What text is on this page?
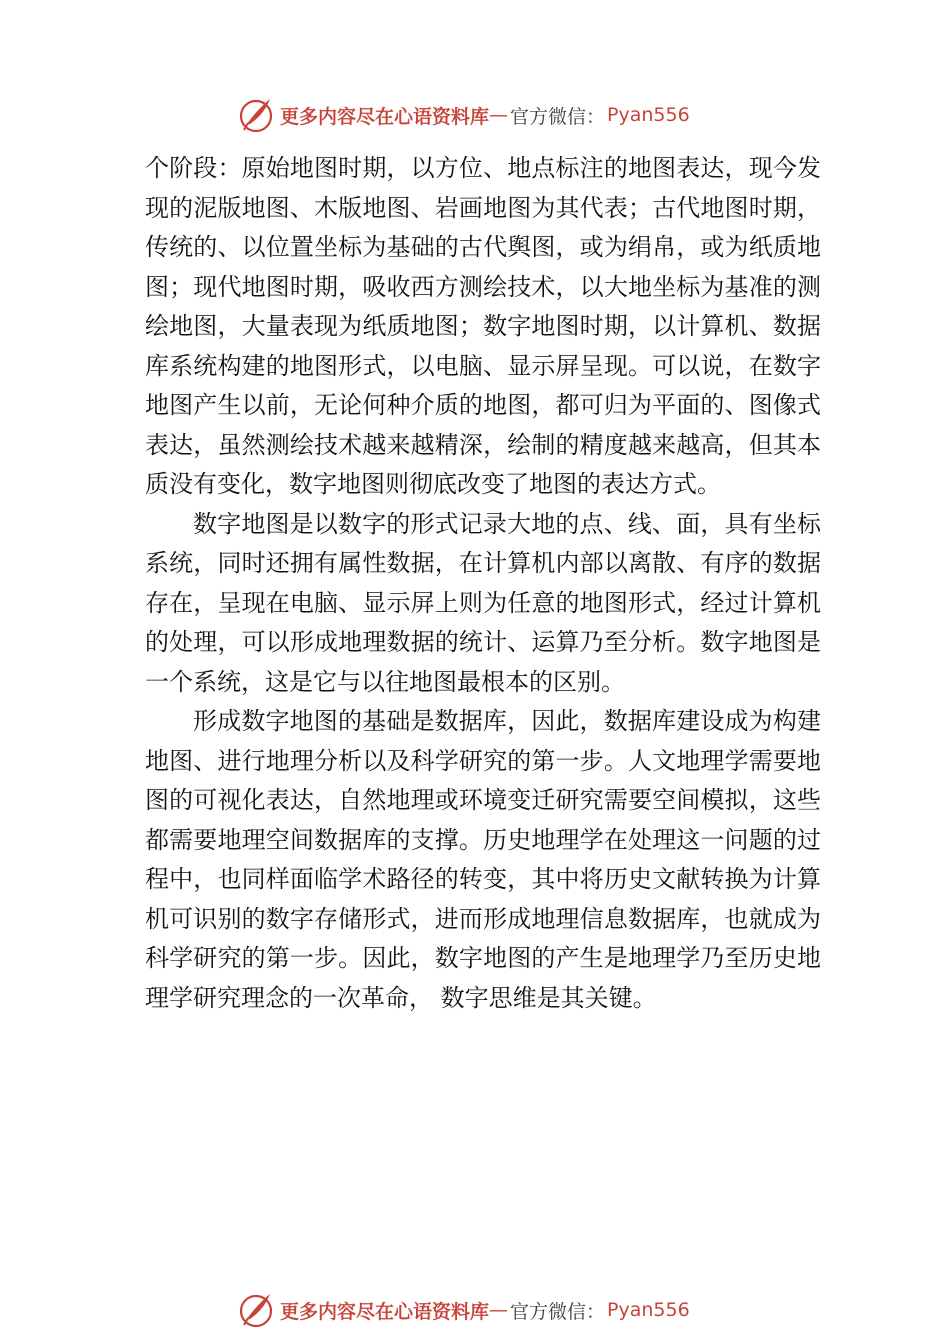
更多内容尽在心语资料库 — 官方微信： Pyan556

个阶段：原始地图时期，以方位、地点标注的地图表达，现今发现的泥版地图、木版地图、岩画地图为其代表；古代地图时期，传统的、以位置坐标为基础的古代舆图，或为绢帛，或为纸质地图；现代地图时期，吸收西方测绘技术，以大地坐标为基准的测绘地图，大量表现为纸质地图；数字地图时期，以计算机、数据库系统构建的地图形式，以电脑、显示屏呈现。可以说，在数字地图产生以前，无论何种介质的地图，都可归为平面的、图像式表达，虽然测绘技术越来越精深，绘制的精度越来越高，但其本质没有变化，数字地图则彻底改变了地图的表达方式。

数字地图是以数字的形式记录大地的点、线、面，具有坐标系统，同时还拥有属性数据，在计算机内部以离散、有序的数据存在，呈现在电脑、显示屏上则为任意的地图形式，经过计算机的处理，可以形成地理数据的统计、运算乃至分析。数字地图是一个系统，这是它与以往地图最根本的区别。

形成数字地图的基础是数据库，因此，数据库建设成为构建地图、进行地理分析以及科学研究的第一步。人文地理学需要地图的可视化表达，自然地理或环境变迁研究需要空间模拟，这些都需要地理空间数据库的支撑。历史地理学在处理这一问题的过程中，也同样面临学术路径的转变，其中将历史文献转换为计算机可识别的数字存储形式，进而形成地理信息数据库，也就成为科学研究的第一步。因此，数字地图的产生是地理学乃至历史地理学研究理念的一次革命， 数字思维是其关键。

更多内容尽在心语资料库 — 官方微信： Pyan556
